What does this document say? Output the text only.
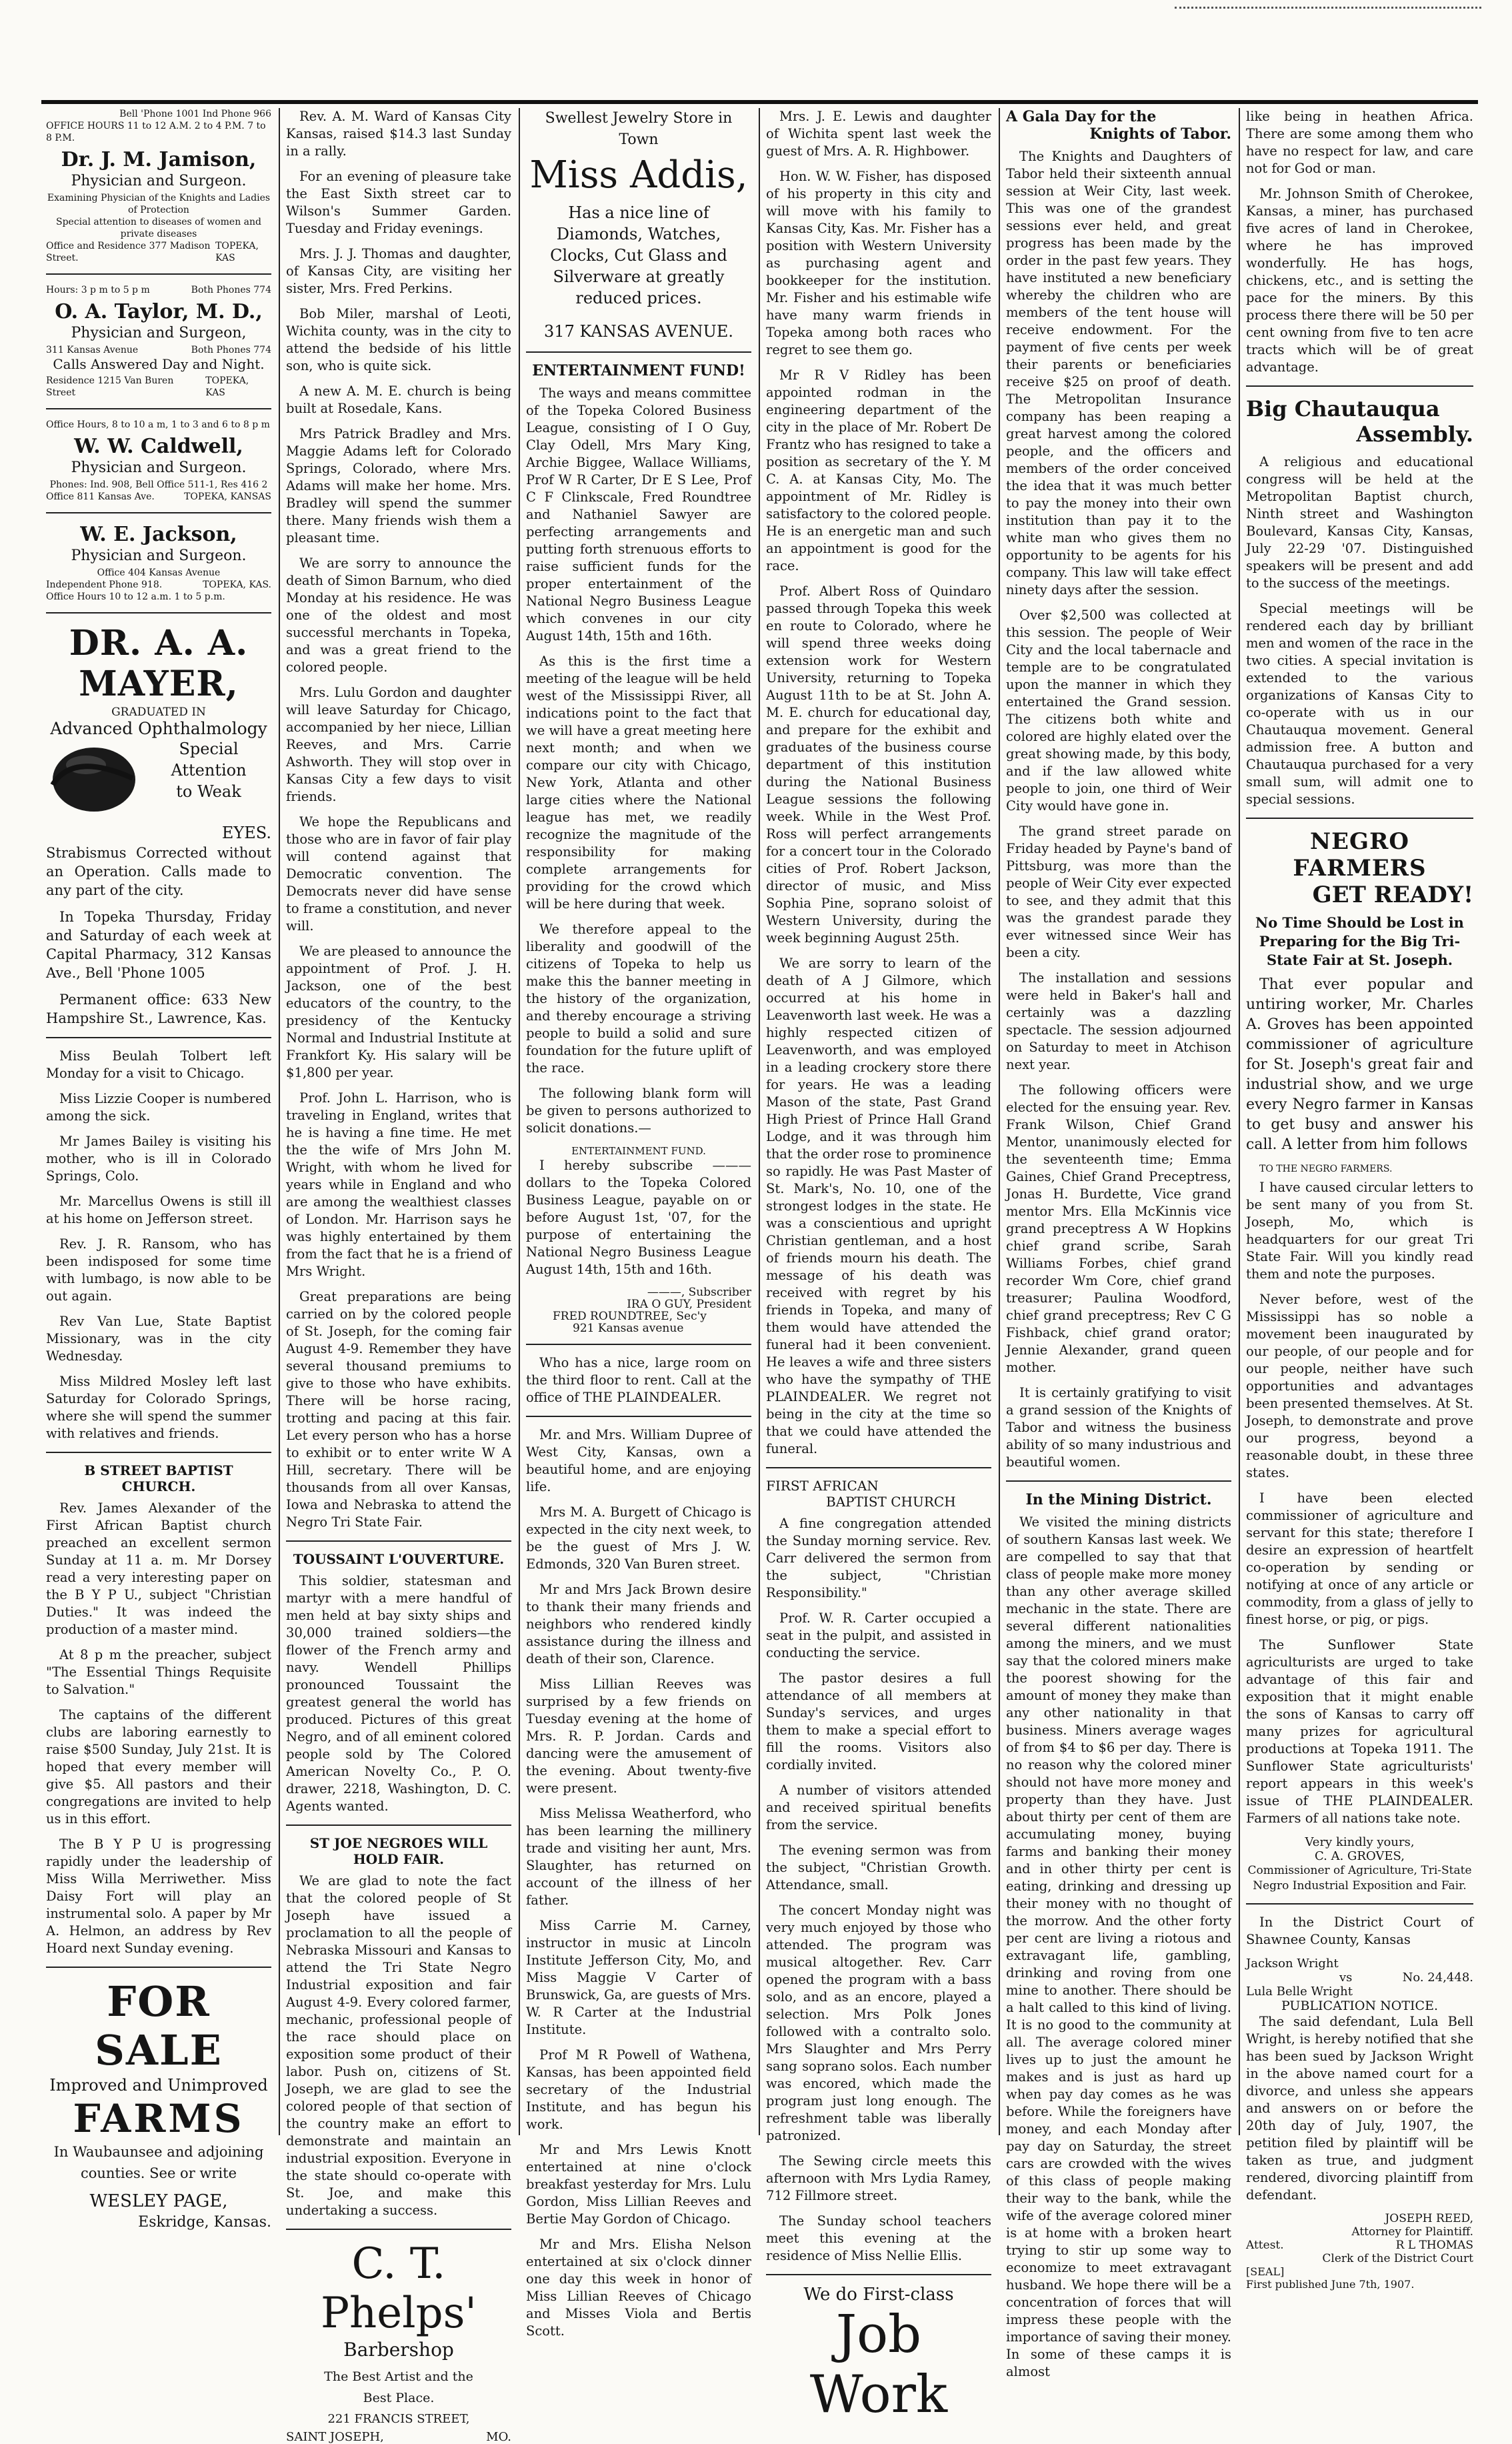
Bell 'Phone 1001 Ind Phone 966
OFFICE HOURS 11 to 12 A.M. 2 to 4 P.M. 7 to 8 P.M.
Dr. J. M. Jamison,
Physician and Surgeon.
Examining Physician of the Knights and Ladies of Protection
Special attention to diseases of women and private diseases
Office and Residence 377 Madison Street.
TOPEKA, KAS
Hours: 3 p m to 5 p m	Both Phones 774
O. A. Taylor, M. D.,
Physician and Surgeon,
311 Kansas Avenue	Both Phones 774
Calls Answered Day and Night.
Residence 1215 Van Buren Street
TOPEKA, KAS
Office Hours, 8 to 10 a m, 1 to 3 and 6 to 8 p m
W. W. Caldwell,
Physician and Surgeon.
Phones: Ind. 908, Bell Office 511-1, Res 416 2
Office 811 Kansas Ave.	TOPEKA, KANSAS
W. E. Jackson,
Physician and Surgeon.
Office 404 Kansas Avenue
Independent Phone 918.	TOPEKA, KAS.
Office Hours 10 to 12 a.m. 1 to 5 p.m.
DR. A. A. MAYER,
GRADUATED IN
Advanced Ophthalmology
Special
Attention
to Weak
EYES.

Strabismus Corrected without an Operation. Calls made to any part of the city.

In Topeka Thursday, Friday and Saturday of each week at Capital Pharmacy, 312 Kansas Ave., Bell 'Phone 1005

Permanent office: 633 New Hampshire St., Lawrence, Kas.

Miss Beulah Tolbert left Monday for a visit to Chicago.

Miss Lizzie Cooper is numbered among the sick.

Mr James Bailey is visiting his mother, who is ill in Colorado Springs, Colo.

Mr. Marcellus Owens is still ill at his home on Jefferson street.

Rev. J. R. Ransom, who has been indisposed for some time with lumbago, is now able to be out again.

Rev Van Lue, State Baptist Missionary, was in the city Wednesday.

Miss Mildred Mosley left last Saturday for Colorado Springs, where she will spend the summer with relatives and friends.

B STREET BAPTIST CHURCH.

Rev. James Alexander of the First African Baptist church preached an excellent sermon Sunday at 11 a. m. Mr Dorsey read a very interesting paper on the B Y P U., subject "Christian Duties." It was indeed the production of a master mind.

At 8 p m the preacher, subject "The Essential Things Requisite to Salvation."

The captains of the different clubs are laboring earnestly to raise $500 Sunday, July 21st. It is hoped that every member will give $5. All pastors and their congregations are invited to help us in this effort.

The B Y P U is progressing rapidly under the leadership of Miss Willa Merriwether. Miss Daisy Fort will play an instrumental solo. A paper by Mr A. Helmon, an address by Rev Hoard next Sunday evening.

FOR SALE
Improved and Unimproved
FARMS
In Waubaunsee and adjoining counties. See or write
WESLEY PAGE,
Eskridge, Kansas.

Rev. A. M. Ward of Kansas City Kansas, raised $14.3 last Sunday in a rally.

For an evening of pleasure take the East Sixth street car to Wilson's Summer Garden. Tuesday and Friday evenings.

Mrs. J. J. Thomas and daughter, of Kansas City, are visiting her sister, Mrs. Fred Perkins.

Bob Miler, marshal of Leoti, Wichita county, was in the city to attend the bedside of his little son, who is quite sick.

A new A. M. E. church is being built at Rosedale, Kans.

Mrs Patrick Bradley and Mrs. Maggie Adams left for Colorado Springs, Colorado, where Mrs. Adams will make her home. Mrs. Bradley will spend the summer there. Many friends wish them a pleasant time.

We are sorry to announce the death of Simon Barnum, who died Monday at his residence. He was one of the oldest and most successful merchants in Topeka, and was a great friend to the colored people.

Mrs. Lulu Gordon and daughter will leave Saturday for Chicago, accompanied by her niece, Lillian Reeves, and Mrs. Carrie Ashworth. They will stop over in Kansas City a few days to visit friends.

We hope the Republicans and those who are in favor of fair play will contend against that Democratic convention. The Democrats never did have sense to frame a constitution, and never will.

We are pleased to announce the appointment of Prof. J. H. Jackson, one of the best educators of the country, to the presidency of the Kentucky Normal and Industrial Institute at Frankfort Ky. His salary will be $1,800 per year.

Prof. John L. Harrison, who is traveling in England, writes that he is having a fine time. He met the the wife of Mrs John M. Wright, with whom he lived for years while in England and who are among the wealthiest classes of London. Mr. Harrison says he was highly entertained by them from the fact that he is a friend of Mrs Wright.

Great preparations are being carried on by the colored people of St. Joseph, for the coming fair August 4-9. Remember they have several thousand premiums to give to those who have exhibits. There will be horse racing, trotting and pacing at this fair. Let every person who has a horse to exhibit or to enter write W A Hill, secretary. There will be thousands from all over Kansas, Iowa and Nebraska to attend the Negro Tri State Fair.

TOUSSAINT L'OUVERTURE.

This soldier, statesman and martyr with a mere handful of men held at bay sixty ships and 30,000 trained soldiers—the flower of the French army and navy. Wendell Phillips pronounced Toussaint the greatest general the world has produced. Pictures of this great Negro, and of all eminent colored people sold by The Colored American Novelty Co., P. O. drawer, 2218, Washington, D. C. Agents wanted.

ST JOE NEGROES WILL HOLD FAIR.

We are glad to note the fact that the colored people of St Joseph have issued a proclamation to all the people of Nebraska Missouri and Kansas to attend the Tri State Negro Industrial exposition and fair August 4-9. Every colored farmer, mechanic, professional people of the race should place on exposition some product of their labor. Push on, citizens of St. Joseph, we are glad to see the colored people of that section of the country make an effort to demonstrate and maintain an industrial exposition. Everyone in the state should co-operate with St. Joe, and make this undertaking a success.

C. T. Phelps'
Barbershop
The Best Artist and the
Best Place.
221 FRANCIS STREET,
SAINT JOSEPH,	MO.
Swellest Jewelry Store in Town
Miss Addis,
Has a nice line of
Diamonds, Watches,
Clocks, Cut Glass and
Silverware at greatly
reduced prices.
317 KANSAS AVENUE.
ENTERTAINMENT FUND!

The ways and means committee of the Topeka Colored Business League, consisting of I O Guy, Clay Odell, Mrs Mary King, Archie Biggee, Wallace Williams, Prof W R Carter, Dr E S Lee, Prof C F Clinkscale, Fred Roundtree and Nathaniel Sawyer are perfecting arrangements and putting forth strenuous efforts to raise sufficient funds for the proper entertainment of the National Negro Business League which convenes in our city August 14th, 15th and 16th.

As this is the first time a meeting of the league will be held west of the Mississippi River, all indications point to the fact that we will have a great meeting here next month; and when we compare our city with Chicago, New York, Atlanta and other large cities where the National league has met, we readily recognize the magnitude of the responsibility for making complete arrangements for providing for the crowd which will be here during that week.

We therefore appeal to the liberality and goodwill of the citizens of Topeka to help us make this the banner meeting in the history of the organization, and thereby encourage a striving people to build a solid and sure foundation for the future uplift of the race.

The following blank form will be given to persons authorized to solicit donations.—

ENTERTAINMENT FUND.

I hereby subscribe ——— dollars to the Topeka Colored Business League, payable on or before August 1st, '07, for the purpose of entertaining the National Negro Business League August 14th, 15th and 16th.

———, Subscriber
IRA O GUY, President
FRED ROUNDTREE, Sec'y
921 Kansas avenue

Who has a nice, large room on the third floor to rent. Call at the office of THE PLAINDEALER.

Mr. and Mrs. William Dupree of West City, Kansas, own a beautiful home, and are enjoying life.

Mrs M. A. Burgett of Chicago is expected in the city next week, to be the guest of Mrs J. W. Edmonds, 320 Van Buren street.

Mr and Mrs Jack Brown desire to thank their many friends and neighbors who rendered kindly assistance during the illness and death of their son, Clarence.

Miss Lillian Reeves was surprised by a few friends on Tuesday evening at the home of Mrs. R. P. Jordan. Cards and dancing were the amusement of the evening. About twenty-five were present.

Miss Melissa Weatherford, who has been learning the millinery trade and visiting her aunt, Mrs. Slaughter, has returned on account of the illness of her father.

Miss Carrie M. Carney, instructor in music at Lincoln Institute Jefferson City, Mo, and Miss Maggie V Carter of Brunswick, Ga, are guests of Mrs. W. R Carter at the Industrial Institute.

Prof M R Powell of Wathena, Kansas, has been appointed field secretary of the Industrial Institute, and has begun his work.

Mr and Mrs Lewis Knott entertained at nine o'clock breakfast yesterday for Mrs. Lulu Gordon, Miss Lillian Reeves and Bertie May Gordon of Chicago.

Mr and Mrs. Elisha Nelson entertained at six o'clock dinner one day this week in honor of Miss Lillian Reeves of Chicago and Misses Viola and Bertis Scott.

Mrs. J. E. Lewis and daughter of Wichita spent last week the guest of Mrs. A. R. Highbower.

Hon. W. W. Fisher, has disposed of his property in this city and will move with his family to Kansas City, Kas. Mr. Fisher has a position with Western University as purchasing agent and bookkeeper for the institution. Mr. Fisher and his estimable wife have many warm friends in Topeka among both races who regret to see them go.

Mr R V Ridley has been appointed rodman in the engineering department of the city in the place of Mr. Robert De Frantz who has resigned to take a position as secretary of the Y. M C. A. at Kansas City, Mo. The appointment of Mr. Ridley is satisfactory to the colored people. He is an energetic man and such an appointment is good for the race.

Prof. Albert Ross of Quindaro passed through Topeka this week en route to Colorado, where he will spend three weeks doing extension work for Western University, returning to Topeka August 11th to be at St. John A. M. E. church for educational day, and prepare for the exhibit and graduates of the business course department of this institution during the National Business League sessions the following week. While in the West Prof. Ross will perfect arrangements for a concert tour in the Colorado cities of Prof. Robert Jackson, director of music, and Miss Sophia Pine, soprano soloist of Western University, during the week beginning August 25th.

We are sorry to learn of the death of A J Gilmore, which occurred at his home in Leavenworth last week. He was a highly respected citizen of Leavenworth, and was employed in a leading crockery store there for years. He was a leading Mason of the state, Past Grand High Priest of Prince Hall Grand Lodge, and it was through him that the order rose to prominence so rapidly. He was Past Master of St. Mark's, No. 10, one of the strongest lodges in the state. He was a conscientious and upright Christian gentleman, and a host of friends mourn his death. The message of his death was received with regret by his friends in Topeka, and many of them would have attended the funeral had it been convenient. He leaves a wife and three sisters who have the sympathy of THE PLAINDEALER. We regret not being in the city at the time so that we could have attended the funeral.

FIRST AFRICAN
BAPTIST CHURCH

A fine congregation attended the Sunday morning service. Rev. Carr delivered the sermon from the subject, "Christian Responsibility."

Prof. W. R. Carter occupied a seat in the pulpit, and assisted in conducting the service.

The pastor desires a full attendance of all members at Sunday's services, and urges them to make a special effort to fill the rooms. Visitors also cordially invited.

A number of visitors attended and received spiritual benefits from the service.

The evening sermon was from the subject, "Christian Growth. Attendance, small.

The concert Monday night was very much enjoyed by those who attended. The program was musical altogether. Rev. Carr opened the program with a bass solo, and as an encore, played a selection. Mrs Polk Jones followed with a contralto solo. Mrs Slaughter and Mrs Perry sang soprano solos. Each number was encored, which made the program just long enough. The refreshment table was liberally patronized.

The Sewing circle meets this afternoon with Mrs Lydia Ramey, 712 Fillmore street.

The Sunday school teachers meet this evening at the residence of Miss Nellie Ellis.

We do First-class
Job Work
A Gala Day for the
Knights of Tabor.

The Knights and Daughters of Tabor held their sixteenth annual session at Weir City, last week. This was one of the grandest sessions ever held, and great progress has been made by the order in the past few years. They have instituted a new beneficiary whereby the children who are members of the tent house will receive endowment. For the payment of five cents per week their parents or beneficiaries receive $25 on proof of death. The Metropolitan Insurance company has been reaping a great harvest among the colored people, and the officers and members of the order conceived the idea that it was much better to pay the money into their own institution than pay it to the white man who gives them no opportunity to be agents for his company. This law will take effect ninety days after the session.

Over $2,500 was collected at this session. The people of Weir City and the local tabernacle and temple are to be congratulated upon the manner in which they entertained the Grand session. The citizens both white and colored are highly elated over the great showing made, by this body, and if the law allowed white people to join, one third of Weir City would have gone in.

The grand street parade on Friday headed by Payne's band of Pittsburg, was more than the people of Weir City ever expected to see, and they admit that this was the grandest parade they ever witnessed since Weir has been a city.

The installation and sessions were held in Baker's hall and certainly was a dazzling spectacle. The session adjourned on Saturday to meet in Atchison next year.

The following officers were elected for the ensuing year. Rev. Frank Wilson, Chief Grand Mentor, unanimously elected for the seventeenth time; Emma Gaines, Chief Grand Preceptress, Jonas H. Burdette, Vice grand mentor Mrs. Ella McKinnis vice grand preceptress A W Hopkins chief grand scribe, Sarah Williams Forbes, chief grand recorder Wm Core, chief grand treasurer; Paulina Woodford, chief grand preceptress; Rev C G Fishback, chief grand orator; Jennie Alexander, grand queen mother.

It is certainly gratifying to visit a grand session of the Knights of Tabor and witness the business ability of so many industrious and beautiful women.

In the Mining District.

We visited the mining districts of southern Kansas last week. We are compelled to say that that class of people make more money than any other average skilled mechanic in the state. There are several different nationalities among the miners, and we must say that the colored miners make the poorest showing for the amount of money they make than any other nationality in that business. Miners average wages of from $4 to $6 per day. There is no reason why the colored miner should not have more money and property than they have. Just about thirty per cent of them are accumulating money, buying farms and banking their money and in other thirty per cent is eating, drinking and dressing up their money with no thought of the morrow. And the other forty per cent are living a riotous and extravagant life, gambling, drinking and roving from one mine to another. There should be a halt called to this kind of living. It is no good to the community at all. The average colored miner lives up to just the amount he makes and is just as hard up when pay day comes as he was before. While the foreigners have money, and each Monday after pay day on Saturday, the street cars are crowded with the wives of this class of people making their way to the bank, while the wife of the average colored miner is at home with a broken heart trying to stir up some way to economize to meet extravagant husband. We hope there will be a concentration of forces that will impress these people with the importance of saving their money. In some of these camps it is almost

like being in heathen Africa. There are some among them who have no respect for law, and care not for God or man.

Mr. Johnson Smith of Cherokee, Kansas, a miner, has purchased five acres of land in Cherokee, where he has improved wonderfully. He has hogs, chickens, etc., and is setting the pace for the miners. By this process there there will be 50 per cent owning from five to ten acre tracts which will be of great advantage.

Big Chautauqua
Assembly.

A religious and educational congress will be held at the Metropolitan Baptist church, Ninth street and Washington Boulevard, Kansas City, Kansas, July 22-29 '07. Distinguished speakers will be present and add to the success of the meetings.

Special meetings will be rendered each day by brilliant men and women of the race in the two cities. A special invitation is extended to the various organizations of Kansas City to co-operate with us in our Chautauqua movement. General admission free. A button and Chautauqua purchased for a very small sum, will admit one to special sessions.

NEGRO FARMERS
GET READY!
No Time Should be Lost in Preparing for the Big Tri-State Fair at St. Joseph.

That ever popular and untiring worker, Mr. Charles A. Groves has been appointed commissioner of agriculture for St. Joseph's great fair and industrial show, and we urge every Negro farmer in Kansas to get busy and answer his call. A letter from him follows

TO THE NEGRO FARMERS.

I have caused circular letters to be sent many of you from St. Joseph, Mo, which is headquarters for our great Tri State Fair. Will you kindly read them and note the purposes.

Never before, west of the Mississippi has so noble a movement been inaugurated by our people, of our people and for our people, neither have such opportunities and advantages been presented themselves. At St. Joseph, to demonstrate and prove our progress, beyond a reasonable doubt, in these three states.

I have been elected commissioner of agriculture and servant for this state; therefore I desire an expression of heartfelt co-operation by sending or notifying at once of any article or commodity, from a glass of jelly to finest horse, or pig, or pigs.

The Sunflower State agriculturists are urged to take advantage of this fair and exposition that it might enable the sons of Kansas to carry off many prizes for agricultural productions at Topeka 1911. The Sunflower State agriculturists' report appears in this week's issue of THE PLAINDEALER. Farmers of all nations take note.

Very kindly yours,
C. A. GROVES,
Commissioner of Agriculture, Tri-State Negro Industrial Exposition and Fair.

In the District Court of Shawnee County, Kansas

Jackson Wright
vs	No. 24,448.
Lula Belle Wright
PUBLICATION NOTICE.

The said defendant, Lula Bell Wright, is hereby notified that she has been sued by Jackson Wright in the above named court for a divorce, and unless she appears and answers on or before the 20th day of July, 1907, the petition filed by plaintiff will be taken as true, and judgment rendered, divorcing plaintiff from defendant.

JOSEPH REED,
Attorney for Plaintiff.
Attest.	R L THOMAS
Clerk of the District Court
[SEAL]
First published June 7th, 1907.
